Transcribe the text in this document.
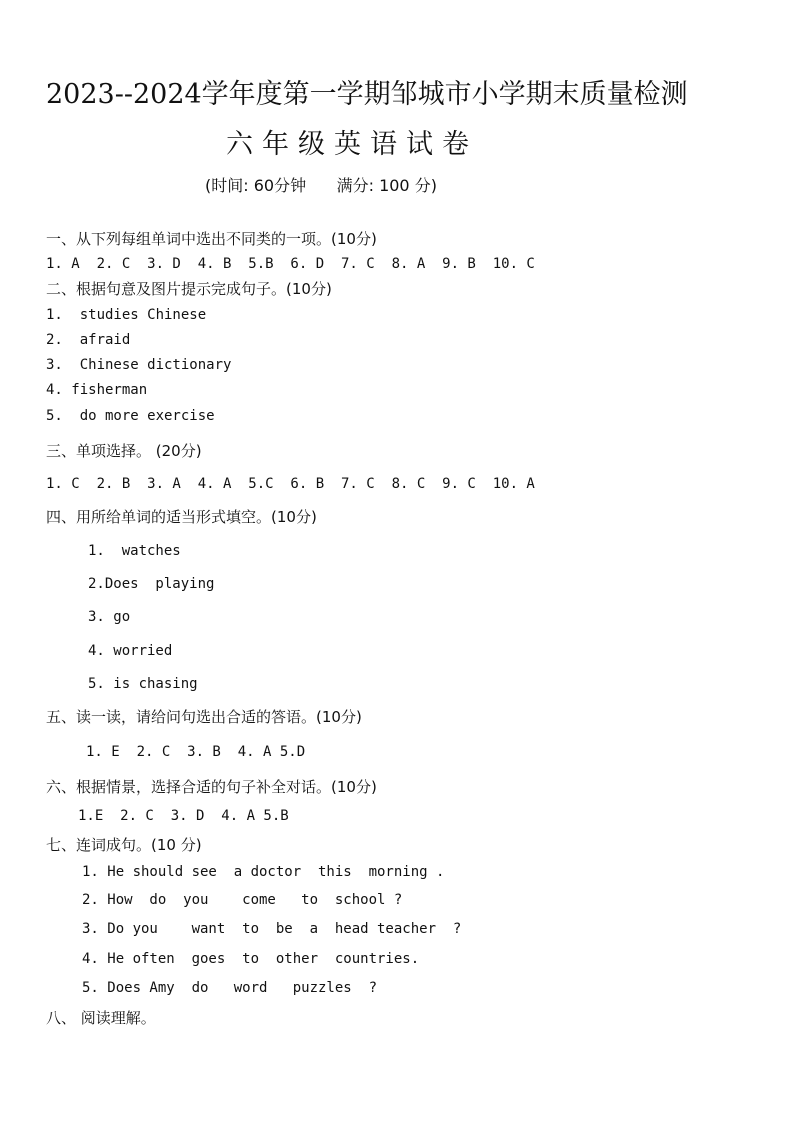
2023--2024学年度第一学期邹城市小学期末质量检测
六年级英语试卷
(时间: 60分钟      满分: 100 分)
一、从下列每组单词中选出不同类的一项。(10分)
1. A  2. C  3. D  4. B  5.B  6. D  7. C  8. A  9. B  10. C
二、根据句意及图片提示完成句子。(10分)
1.  studies Chinese
2.  afraid
3.  Chinese dictionary
4. fisherman
5.  do more exercise
三、单项选择。 (20分)
1. C  2. B  3. A  4. A  5.C  6. B  7. C  8. C  9. C  10. A
四、用所给单词的适当形式填空。(10分)
1.  watches
2.Does  playing
3. go
4. worried
5. is chasing
五、读一读，请给问句选出合适的答语。(10分)
1. E  2. C  3. B  4. A 5.D
六、根据情景，选择合适的句子补全对话。(10分)
1.E  2. C  3. D  4. A 5.B
七、连词成句。(10 分)
1. He should see  a doctor  this  morning .
2. How  do  you    come   to  school ?
3. Do you    want  to  be  a  head teacher  ?
4. He often  goes  to  other  countries.
5. Does Amy  do   word   puzzles  ?
八、 阅读理解。
